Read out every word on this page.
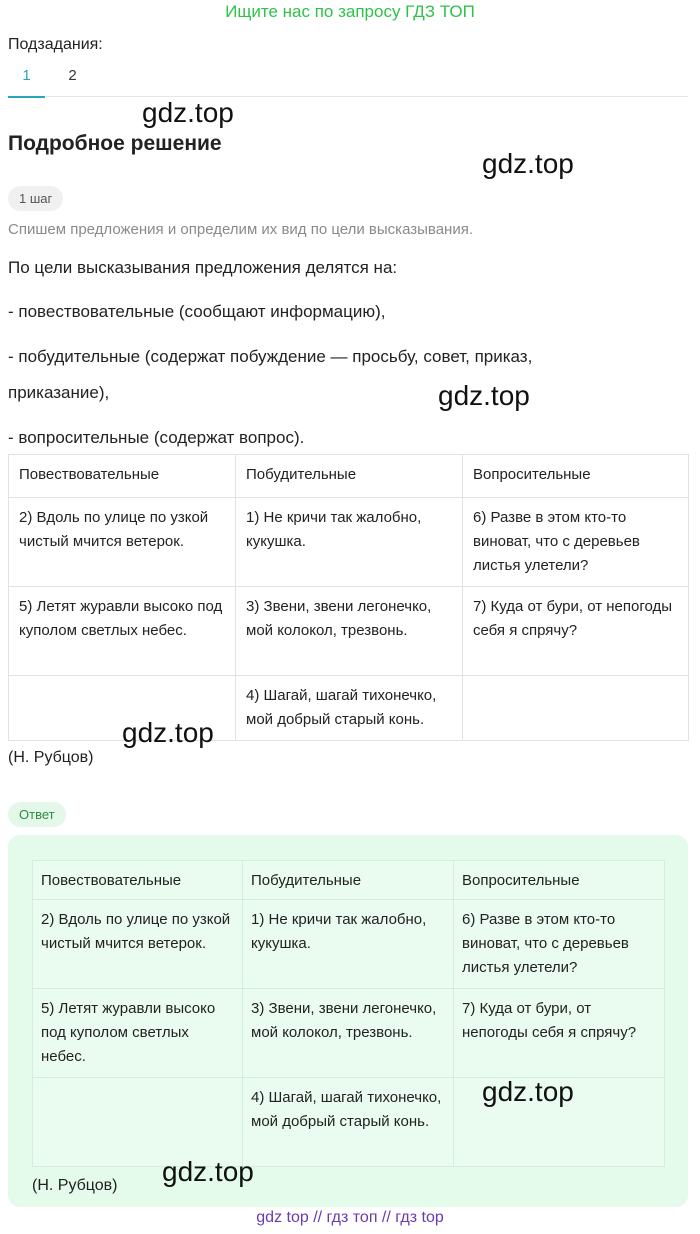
Ищите нас по запросу ГДЗ ТОП
Подзадания:
1	2
gdz.top
Подробное решение
gdz.top
1 шаг
Спишем предложения и определим их вид по цели высказывания.
По цели высказывания предложения делятся на:
- повествовательные (сообщают информацию),
- побудительные (содержат побуждение — просьбу, совет, приказ,
приказание),	gdz.top
- вопросительные (содержат вопрос).
Повествовательные	Побудительные	Вопросительные
2) Вдоль по улице по узкой чистый мчится ветерок.	1) Не кричи так жалобно, кукушка.	6) Разве в этом кто-то виноват, что с деревьев листья улетели?
5) Летят журавли высоко под куполом светлых небес.	3) Звени, звени легонечко, мой колокол, трезвонь.	7) Куда от бури, от непогоды себя я спрячу?
	4) Шагай, шагай тихонечко, мой добрый старый конь.	
gdz.top
(Н. Рубцов)
Ответ
Повествовательные	Побудительные	Вопросительные
2) Вдоль по улице по узкой чистый мчится ветерок.	1) Не кричи так жалобно, кукушка.	6) Разве в этом кто-то виноват, что с деревьев листья улетели?
5) Летят журавли высоко под куполом светлых небес.	3) Звени, звени легонечко, мой колокол, трезвонь.	7) Куда от бури, от непогоды себя я спрячу?
	4) Шагай, шагай тихонечко, мой добрый старый конь.	
gdz.top
gdz.top
(Н. Рубцов)
gdz top // гдз топ // гдз top
